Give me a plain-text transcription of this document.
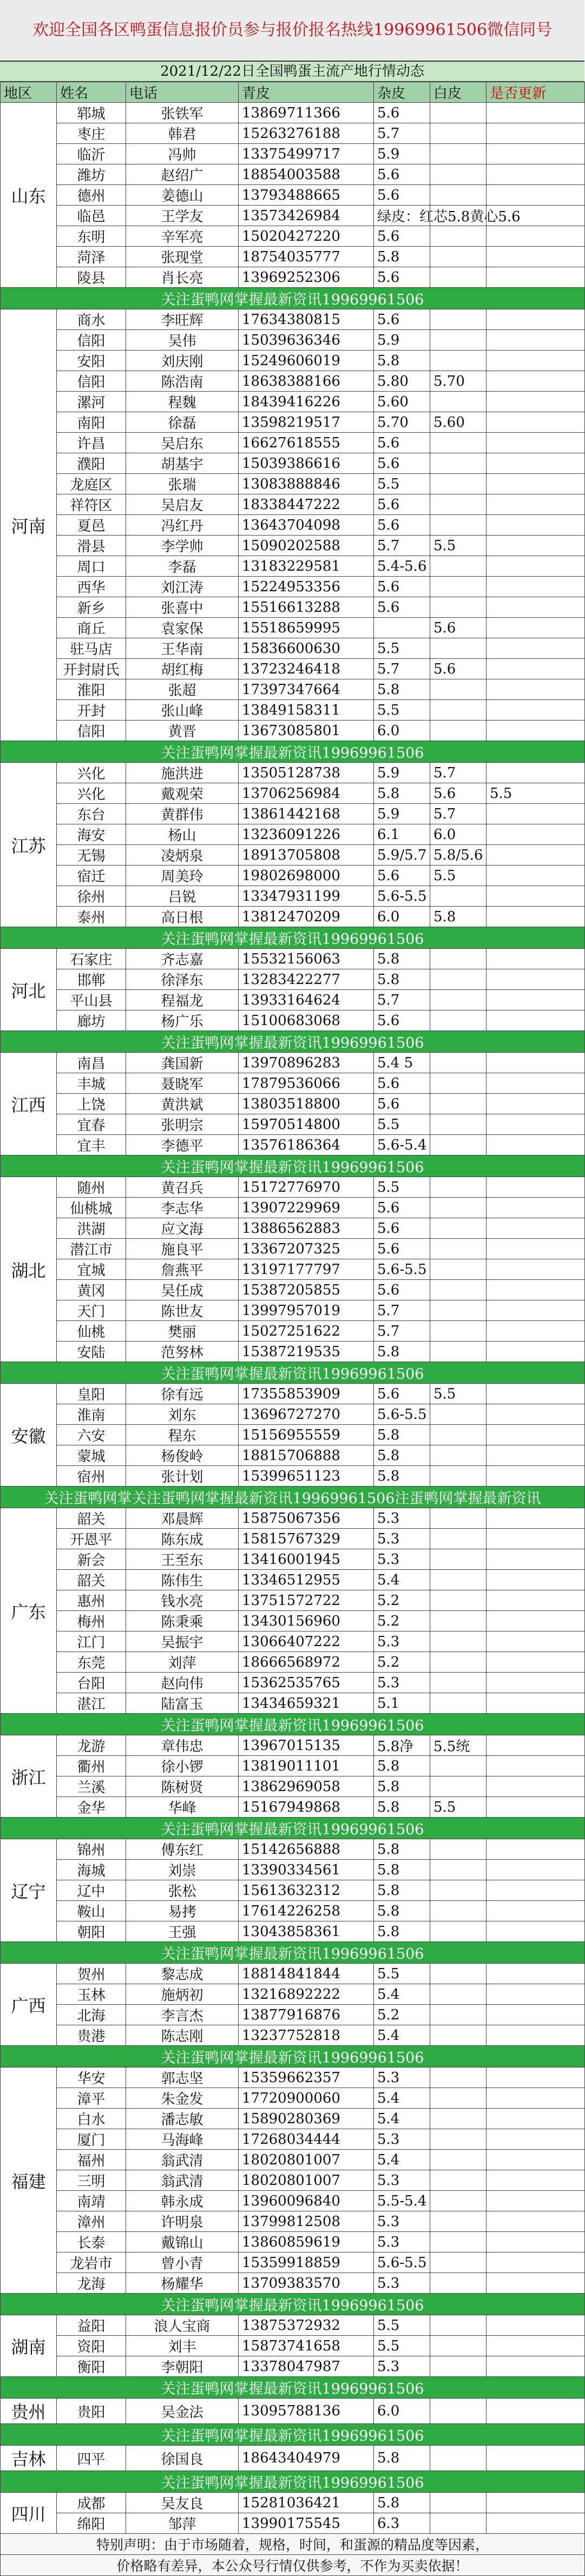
欢迎全国各区鸭蛋信息报价员参与报价报名热线19969961506微信同号
2021/12/22日全国鸭蛋主流产地行情动态
地区	姓名	电话	青皮	杂皮	白皮	是否更新	
山东	郓城	张铁军	13869711366	5.6			
	枣庄	韩君	15263276188	5.7			
	临沂	冯帅	13375499717	5.9			
	潍坊	赵绍广	18854003588	5.6			
	德州	姜德山	13793488665	5.6			
	临邑	王学友	13573426984	绿皮：红芯5.8黄心5.6			
	东明	辛军亮	15020427220	5.6			
	菏泽	张现堂	18754035777	5.8			
	陵县	肖长亮	13969252306	5.6			
关注蛋鸭网掌握最新资讯19969961506							
河南	商水	李旺辉	17634380815	5.6			
	信阳	吴伟	15039636346	5.9			
	安阳	刘庆刚	15249606019	5.8			
	信阳	陈浩南	18638388166	5.80	5.70		
	漯河	程魏	18439416226	5.60			
	南阳	徐磊	13598219517	5.70	5.60		
	许昌	吴启东	16627618555	5.6			
	濮阳	胡基宇	15039386616	5.6			
	龙庭区	张瑞	13083888846	5.5			
	祥符区	吴启友	18338447222	5.6			
	夏邑	冯红丹	13643704098	5.6			
	滑县	李学帅	15090202588	5.7	5.5		
	周口	李磊	13183229581	5.4-5.6			
	西华	刘江涛	15224953356	5.6			
	新乡	张喜中	15516613288	5.6			
	商丘	袁家保	15518659995		5.6		
	驻马店	王华南	15836600630	5.5			
	开封尉氏	胡红梅	13723246418	5.7	5.6		
	淮阳	张超	17397347664	5.8			
	开封	张山峰	13849158311	5.5			
	信阳	黄晋	13673085801	6.0			
关注蛋鸭网掌握最新资讯19969961506							
江苏	兴化	施洪进	13505128738	5.9	5.7		
	兴化	戴观荣	13706256984	5.8	5.6	5.5	
	东台	黄群伟	13861442168	5.9	5.7		
	海安	杨山	13236091226	6.1	6.0		
	无锡	凌炳泉	18913705808	5.9/5.7	5.8/5.6		
	宿迁	周美玲	19802698000	5.6	5.5		
	徐州	吕锐	13347931199	5.6-5.5			
	泰州	高日根	13812470209	6.0	5.8		
关注蛋鸭网掌握最新资讯19969961506							
河北	石家庄	齐志嘉	15532156063	5.8			
	邯郸	徐泽东	13283422277	5.8			
	平山县	程福龙	13933164624	5.7			
	廊坊	杨广乐	15100683068	5.6			
关注蛋鸭网掌握最新资讯19969961506							
江西	南昌	龚国新	13970896283	5.4 5			
	丰城	聂晓军	17879536066	5.6			
	上饶	黄洪斌	13803518800	5.6			
	宜春	张明宗	15970514800	5.5			
	宜丰	李德平	13576186364	5.6-5.4			
关注蛋鸭网掌握最新资讯19969961506							
湖北	随州	黄召兵	15172776970	5.5			
	仙桃城	李志华	13907229969	5.6			
	洪湖	应文海	13886562883	5.6			
	潜江市	施良平	13367207325	5.6			
	宜城	詹燕平	13197177797	5.6-5.5			
	黄冈	吴任成	15387205855	5.6			
	天门	陈世友	13997957019	5.7			
	仙桃	樊丽	15027251622	5.7			
	安陆	范努林	15387219535	5.8			
关注蛋鸭网掌握最新资讯19969961506							
安徽	皇阳	徐有远	17355853909	5.6	5.5		
	淮南	刘东	13696727270	5.6-5.5			
	六安	程东	15156955559	5.8			
	蒙城	杨俊岭	18815706888	5.8			
	宿州	张计划	15399651123	5.8			
关注蛋鸭网掌关注蛋鸭网掌握最新资讯19969961506注蛋鸭网掌握最新资讯							
广东	韶关	邓晨辉	15875067356	5.3			
	开恩平	陈东成	15815767329	5.3			
	新会	王至东	13416001945	5.3			
	韶关	陈伟生	13346512955	5.4			
	惠州	钱水亮	13751572722	5.2			
	梅州	陈秉乘	13430156960	5.2			
	江门	吴振宇	13066407222	5.3			
	东莞	刘萍	18666568972	5.2			
	台阳	赵向伟	15362535765	5.3			
	湛江	陆富玉	13434659321	5.1			
关注蛋鸭网掌握最新资讯19969961506							
浙江	龙游	章伟忠	13967015135	5.8净	5.5统		
	衢州	徐小锣	13819011101	5.8			
	兰溪	陈树贤	13862969058	5.8			
	金华	华峰	15167949868	5.8	5.5		
关注蛋鸭网掌握最新资讯19969961506							
辽宁	锦州	傅东红	15142656888	5.8			
	海城	刘崇	13390334561	5.8			
	辽中	张松	15613632312	5.8			
	鞍山	易拷	17614226258	5.8			
	朝阳	王强	13043858361	5.8			
关注蛋鸭网掌握最新资讯19969961506							
广西	贺州	黎志成	18814841844	5.5			
	玉林	施炳初	13216892222	5.4			
	北海	李言杰	13877916876	5.2			
	贵港	陈志刚	13237752818	5.4			
关注蛋鸭网掌握最新资讯19969961506							
福建	华安	郭志坚	15359662357	5.3			
	漳平	朱金发	17720900060	5.4			
	白水	潘志敏	15890280369	5.4			
	厦门	马海峰	17268034444	5.3			
	福州	翁武清	18020801007	5.4			
	三明	翁武清	18020801007	5.3			
	南靖	韩永成	13960096840	5.5-5.4			
	漳州	许明泉	13799812508	5.3			
	长泰	戴锦山	13860859619	5.3			
	龙岩市	曾小青	15359918859	5.6-5.5			
	龙海	杨耀华	13709383570	5.3			
关注蛋鸭网掌握最新资讯19969961506							
湖南	益阳	浪人宝商	13875372932	5.5			
	资阳	刘丰	15873741658	5.5			
	衡阳	李朝阳	13378047987	5.3			
关注蛋鸭网掌握最新资讯19969961506							
贵州	贵阳	吴金法	13095788136	6.0			
关注蛋鸭网掌握最新资讯19969961506							
吉林	四平	徐国良	18643404979	5.8			
关注蛋鸭网掌握最新资讯19969961506							
四川	成都	吴友良	15281036421	5.8			
	绵阳	邹萍	13990175545	6.3			
特别声明：由于市场随着，规格，时间，和蛋源的精品度等因素，							
价格略有差异，本公众号行情仅供参考，不作为买卖依据！							
